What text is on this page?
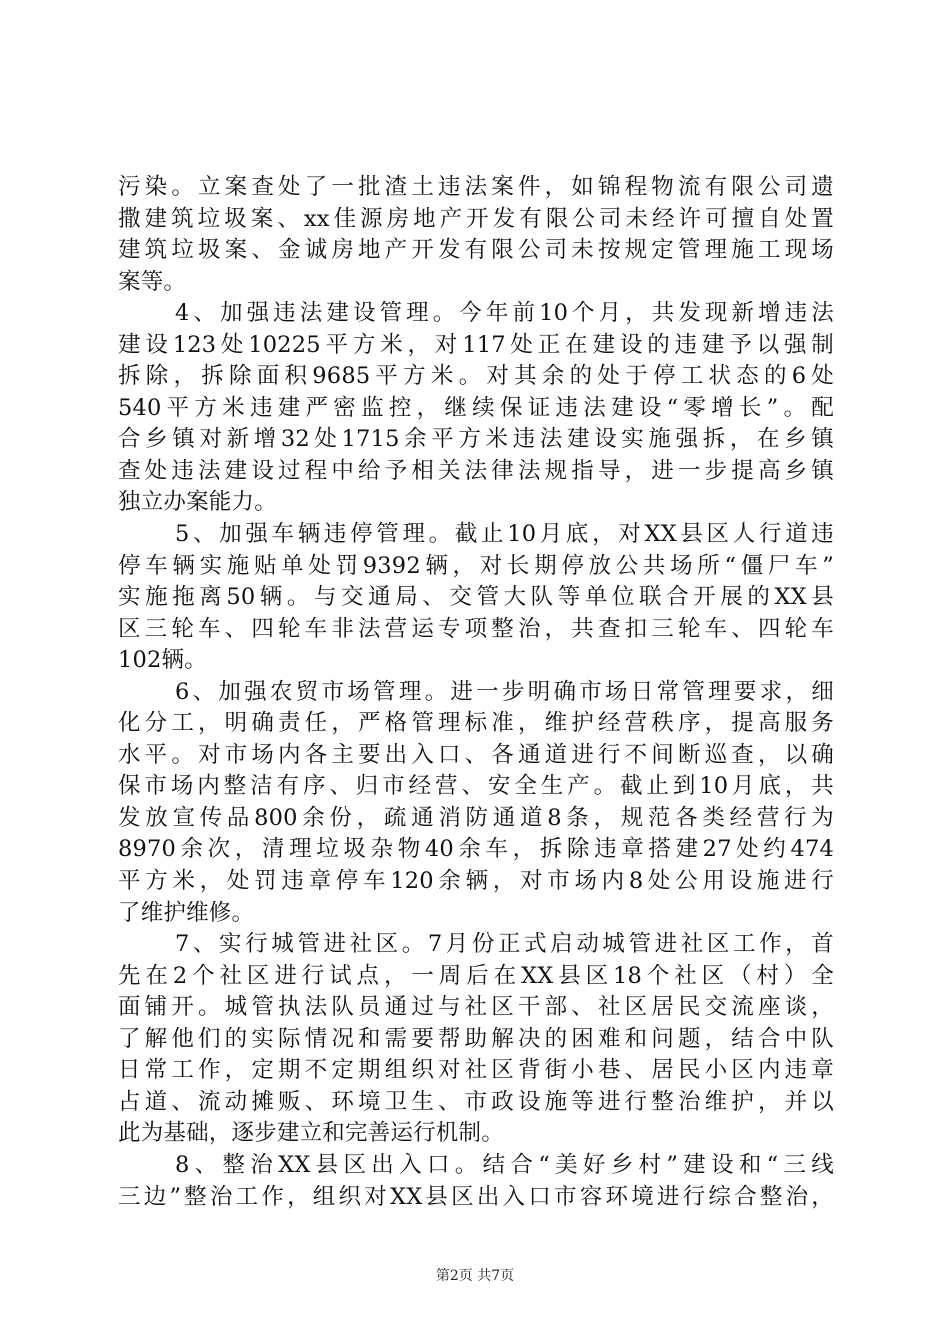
污染。立案查处了一批渣土违法案件，如锦程物流有限公司遗
撒建筑垃圾案、xx佳源房地产开发有限公司未经许可擅自处置
建筑垃圾案、金诚房地产开发有限公司未按规定管理施工现场
案等。
4、加强违法建设管理。今年前10个月，共发现新增违法
建设123处10225平方米，对117处正在建设的违建予以强制
拆除，拆除面积9685平方米。对其余的处于停工状态的6处
540平方米违建严密监控，继续保证违法建设“零增长”。配
合乡镇对新增32处1715余平方米违法建设实施强拆，在乡镇
查处违法建设过程中给予相关法律法规指导，进一步提高乡镇
独立办案能力。
5、加强车辆违停管理。截止10月底，对XX县区人行道违
停车辆实施贴单处罚9392辆，对长期停放公共场所“僵尸车”
实施拖离50辆。与交通局、交管大队等单位联合开展的XX县
区三轮车、四轮车非法营运专项整治，共查扣三轮车、四轮车
102辆。
6、加强农贸市场管理。进一步明确市场日常管理要求，细
化分工，明确责任，严格管理标准，维护经营秩序，提高服务
水平。对市场内各主要出入口、各通道进行不间断巡查，以确
保市场内整洁有序、归市经营、安全生产。截止到10月底，共
发放宣传品800余份，疏通消防通道8条，规范各类经营行为
8970余次，清理垃圾杂物40余车，拆除违章搭建27处约474
平方米，处罚违章停车120余辆，对市场内8处公用设施进行
了维护维修。
7、实行城管进社区。7月份正式启动城管进社区工作，首
先在2个社区进行试点，一周后在XX县区18个社区（村）全
面铺开。城管执法队员通过与社区干部、社区居民交流座谈，
了解他们的实际情况和需要帮助解决的困难和问题，结合中队
日常工作，定期不定期组织对社区背街小巷、居民小区内违章
占道、流动摊贩、环境卫生、市政设施等进行整治维护，并以
此为基础，逐步建立和完善运行机制。
8、整治XX县区出入口。结合“美好乡村”建设和“三线
三边”整治工作，组织对XX县区出入口市容环境进行综合整治，
第2页 共7页
